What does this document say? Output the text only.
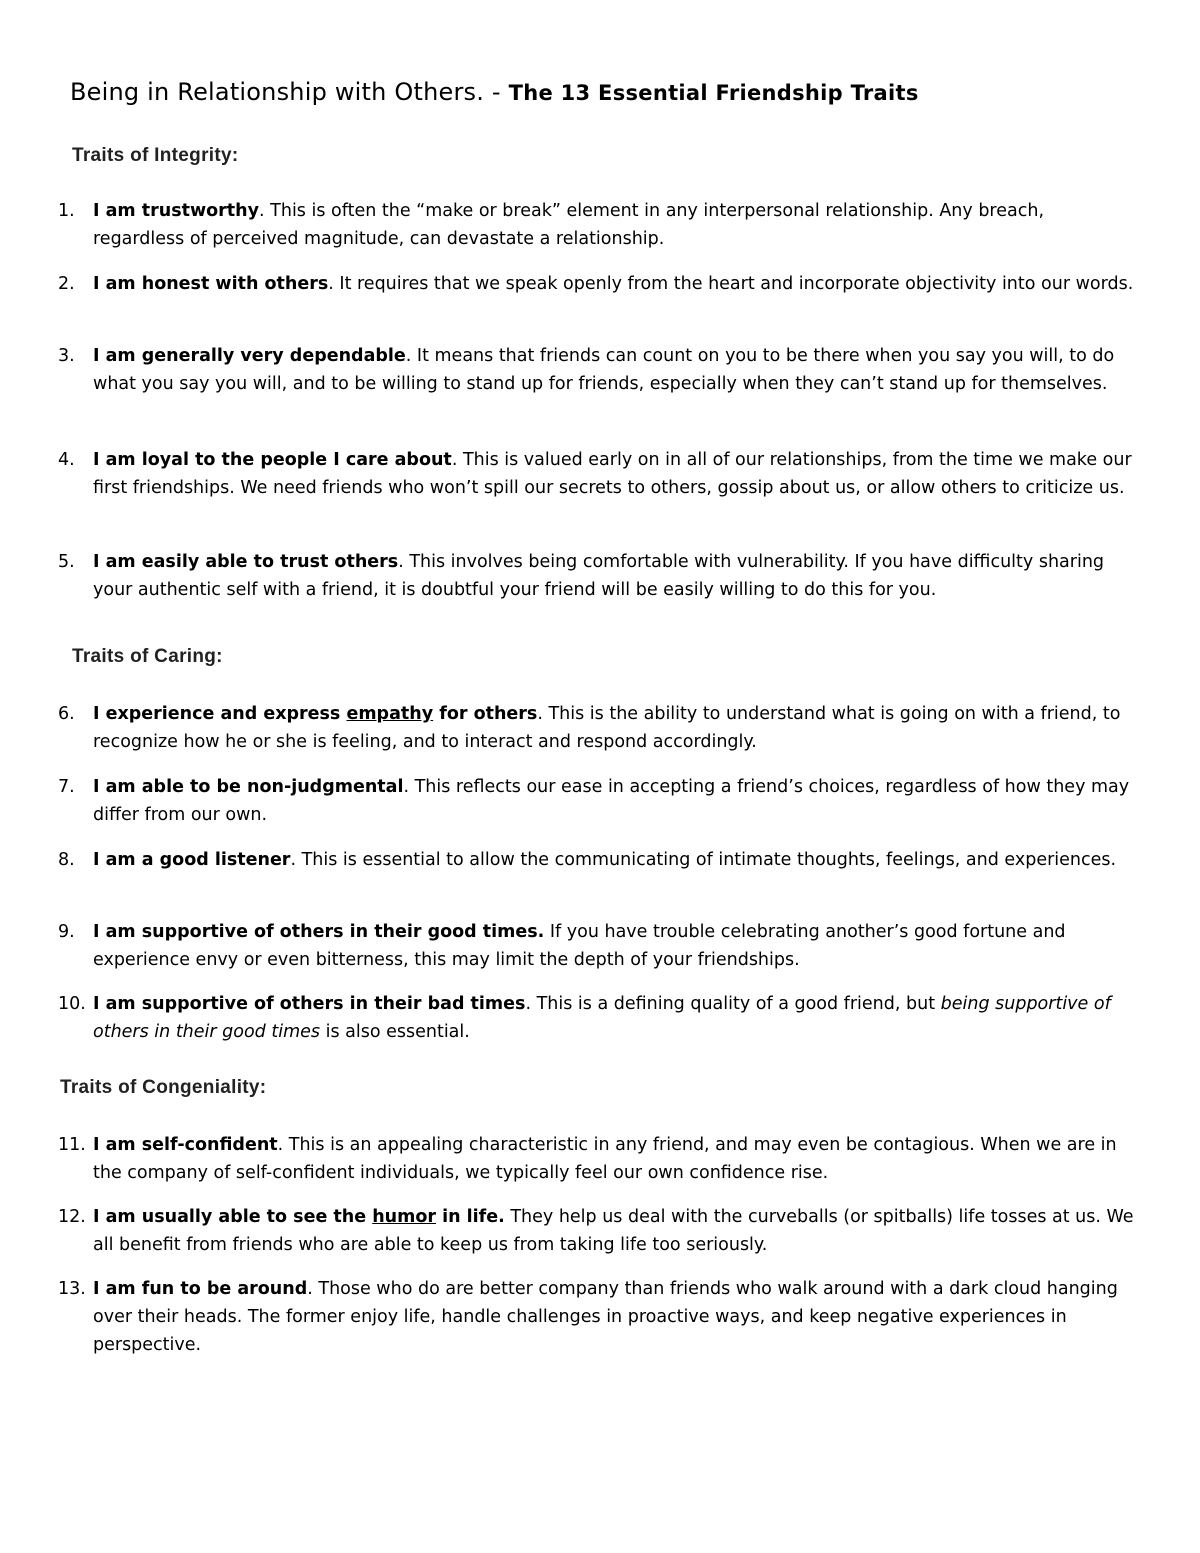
Being in Relationship with Others. - The 13 Essential Friendship Traits
Traits of Integrity:
1.	I am trustworthy. This is often the “make or break” element in any interpersonal relationship. Any breach, regardless of perceived magnitude, can devastate a relationship.
2.	I am honest with others. It requires that we speak openly from the heart and incorporate objectivity into our words.
3.	I am generally very dependable. It means that friends can count on you to be there when you say you will, to do what you say you will, and to be willing to stand up for friends, especially when they can’t stand up for themselves.
4.	I am loyal to the people I care about. This is valued early on in all of our relationships, from the time we make our first friendships. We need friends who won’t spill our secrets to others, gossip about us, or allow others to criticize us.
5.	I am easily able to trust others. This involves being comfortable with vulnerability. If you have difficulty sharing your authentic self with a friend, it is doubtful your friend will be easily willing to do this for you.
Traits of Caring:
6.	I experience and express empathy for others. This is the ability to understand what is going on with a friend, to recognize how he or she is feeling, and to interact and respond accordingly.
7.	I am able to be non-judgmental. This reflects our ease in accepting a friend’s choices, regardless of how they may differ from our own.
8.	I am a good listener. This is essential to allow the communicating of intimate thoughts, feelings, and experiences.
9.	I am supportive of others in their good times. If you have trouble celebrating another’s good fortune and experience envy or even bitterness, this may limit the depth of your friendships.
10. I am supportive of others in their bad times. This is a defining quality of a good friend, but being supportive of others in their good times is also essential.
Traits of Congeniality:
11. I am self-confident. This is an appealing characteristic in any friend, and may even be contagious. When we are in the company of self-confident individuals, we typically feel our own confidence rise.
12. I am usually able to see the humor in life. They help us deal with the curveballs (or spitballs) life tosses at us. We all benefit from friends who are able to keep us from taking life too seriously.
13. I am fun to be around. Those who do are better company than friends who walk around with a dark cloud hanging over their heads. The former enjoy life, handle challenges in proactive ways, and keep negative experiences in perspective.
